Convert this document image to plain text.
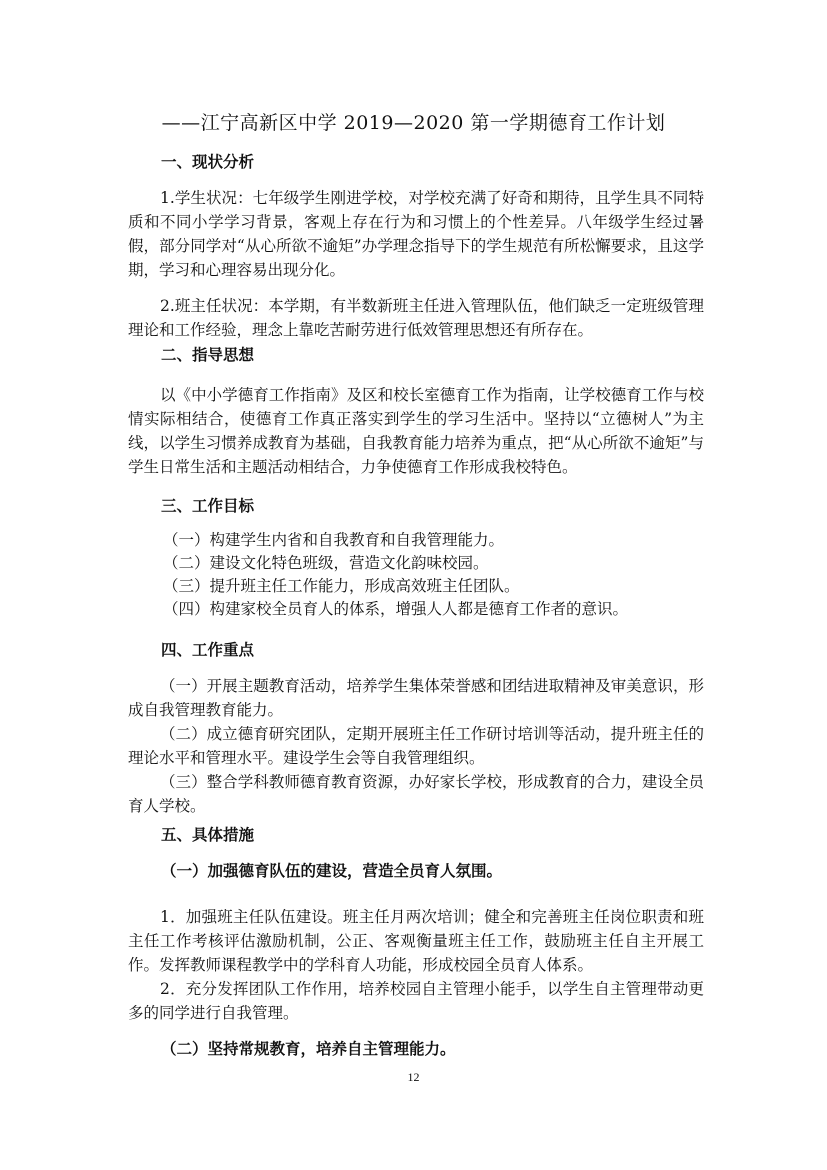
——江宁高新区中学 2019—2020 第一学期德育工作计划
一、现状分析

1.学生状况：七年级学生刚进学校，对学校充满了好奇和期待，且学生具不同特质和不同小学学习背景，客观上存在行为和习惯上的个性差异。八年级学生经过暑假，部分同学对“从心所欲不逾矩”办学理念指导下的学生规范有所松懈要求，且这学期，学习和心理容易出现分化。

2.班主任状况：本学期，有半数新班主任进入管理队伍，他们缺乏一定班级管理理论和工作经验，理念上靠吃苦耐劳进行低效管理思想还有所存在。

二、指导思想

以《中小学德育工作指南》及区和校长室德育工作为指南，让学校德育工作与校情实际相结合，使德育工作真正落实到学生的学习生活中。坚持以“立德树人”为主线，以学生习惯养成教育为基础，自我教育能力培养为重点，把“从心所欲不逾矩”与学生日常生活和主题活动相结合，力争使德育工作形成我校特色。

三、工作目标

（一）构建学生内省和自我教育和自我管理能力。

（二）建设文化特色班级，营造文化韵味校园。

（三）提升班主任工作能力，形成高效班主任团队。

（四）构建家校全员育人的体系，增强人人都是德育工作者的意识。

四、工作重点

（一）开展主题教育活动，培养学生集体荣誉感和团结进取精神及审美意识，形成自我管理教育能力。

（二）成立德育研究团队，定期开展班主任工作研讨培训等活动，提升班主任的理论水平和管理水平。建设学生会等自我管理组织。

（三）整合学科教师德育教育资源，办好家长学校，形成教育的合力，建设全员育人学校。

五、具体措施
（一）加强德育队伍的建设，营造全员育人氛围。

1．加强班主任队伍建设。班主任月两次培训；健全和完善班主任岗位职责和班主任工作考核评估激励机制，公正、客观衡量班主任工作，鼓励班主任自主开展工作。发挥教师课程教学中的学科育人功能，形成校园全员育人体系。

2．充分发挥团队工作作用，培养校园自主管理小能手，以学生自主管理带动更多的同学进行自我管理。

（二）坚持常规教育，培养自主管理能力。
12
